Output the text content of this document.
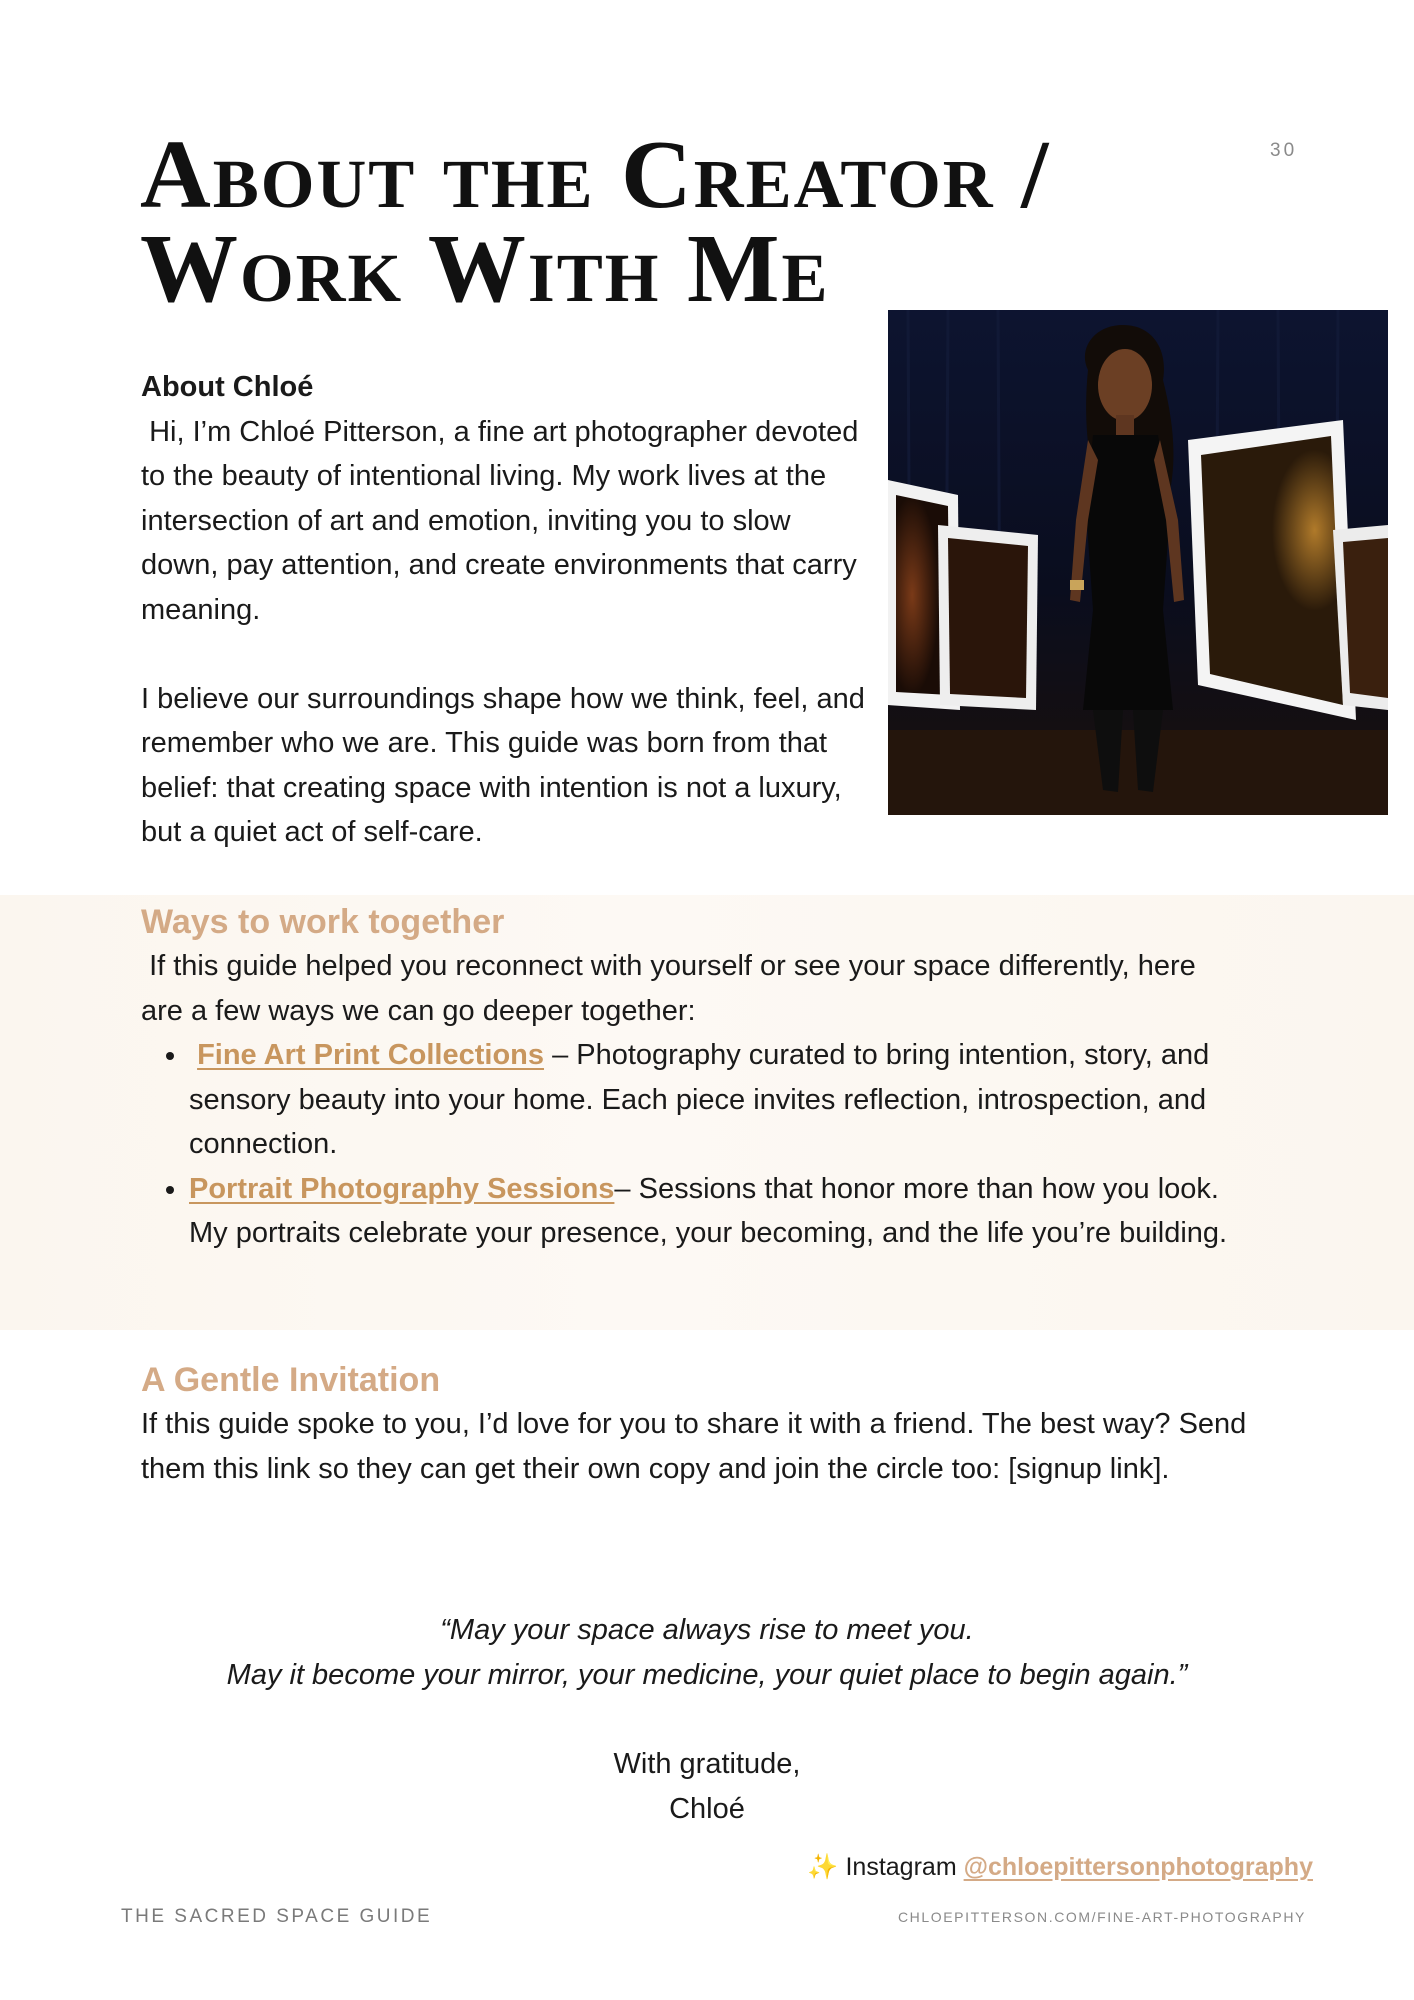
30
About the Creator /
Work With Me
About Chloé

Hi, I’m Chloé Pitterson, a fine art photographer devoted to the beauty of intentional living. My work lives at the intersection of art and emotion, inviting you to slow down, pay attention, and create environments that carry meaning.

I believe our surroundings shape how we think, feel, and remember who we are. This guide was born from that belief: that creating space with intention is not a luxury, but a quiet act of self-care.

Ways to work together

If this guide helped you reconnect with yourself or see your space differently, here are a few ways we can go deeper together:

• Fine Art Print Collections – Photography curated to bring intention, story, and sensory beauty into your home. Each piece invites reflection, introspection, and connection.
• Portrait Photography Sessions– Sessions that honor more than how you look. My portraits celebrate your presence, your becoming, and the life you’re building.
A Gentle Invitation

If this guide spoke to you, I’d love for you to share it with a friend. The best way? Send them this link so they can get their own copy and join the circle too: [signup link].

“May your space always rise to meet you.
May it become your mirror, your medicine, your quiet place to begin again.”

With gratitude,
Chloé

✨ Instagram @chloepittersonphotography
THE SACRED SPACE GUIDE	CHLOEPITTERSON.COM/FINE-ART-PHOTOGRAPHY
